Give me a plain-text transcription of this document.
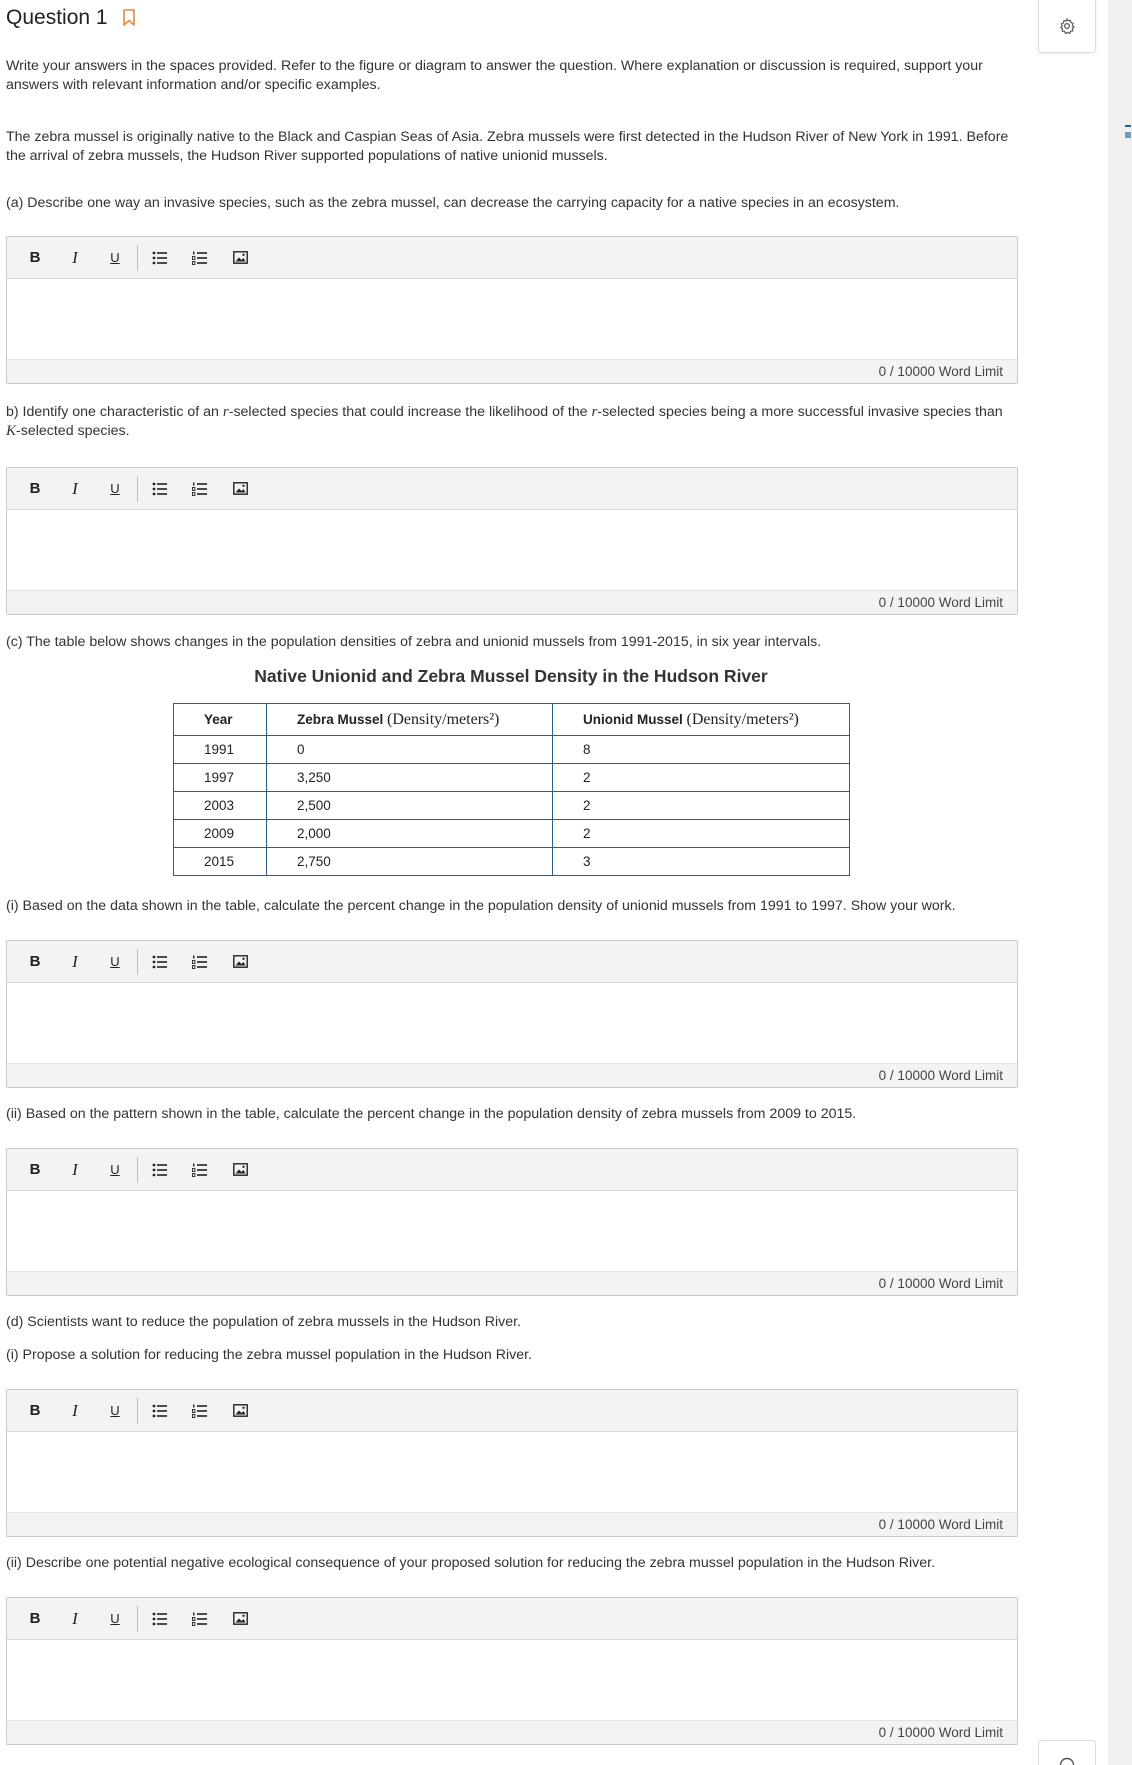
Question 1
Write your answers in the spaces provided. Refer to the figure or diagram to answer the question. Where explanation or discussion is required, support your answers with relevant information and/or specific examples.
The zebra mussel is originally native to the Black and Caspian Seas of Asia. Zebra mussels were first detected in the Hudson River of New York in 1991. Before the arrival of zebra mussels, the Hudson River supported populations of native unionid mussels.
(a) Describe one way an invasive species, such as the zebra mussel, can decrease the carrying capacity for a native species in an ecosystem.
B	I	U
0 / 10000 Word Limit
b) Identify one characteristic of an r-selected species that could increase the likelihood of the r-selected species being a more successful invasive species than K-selected species.
B	I	U
0 / 10000 Word Limit
(c) The table below shows changes in the population densities of zebra and unionid mussels from 1991-2015, in six year intervals.
Native Unionid and Zebra Mussel Density in the Hudson River
Year	Zebra Mussel (Density/meters²)	Unionid Mussel (Density/meters²)
1991	0	8
1997	3,250	2
2003	2,500	2
2009	2,000	2
2015	2,750	3
(i) Based on the data shown in the table, calculate the percent change in the population density of unionid mussels from 1991 to 1997. Show your work.
B	I	U
0 / 10000 Word Limit
(ii) Based on the pattern shown in the table, calculate the percent change in the population density of zebra mussels from 2009 to 2015.
B	I	U
0 / 10000 Word Limit
(d) Scientists want to reduce the population of zebra mussels in the Hudson River.
(i) Propose a solution for reducing the zebra mussel population in the Hudson River.
B	I	U
0 / 10000 Word Limit
(ii) Describe one potential negative ecological consequence of your proposed solution for reducing the zebra mussel population in the Hudson River.
B	I	U
0 / 10000 Word Limit
